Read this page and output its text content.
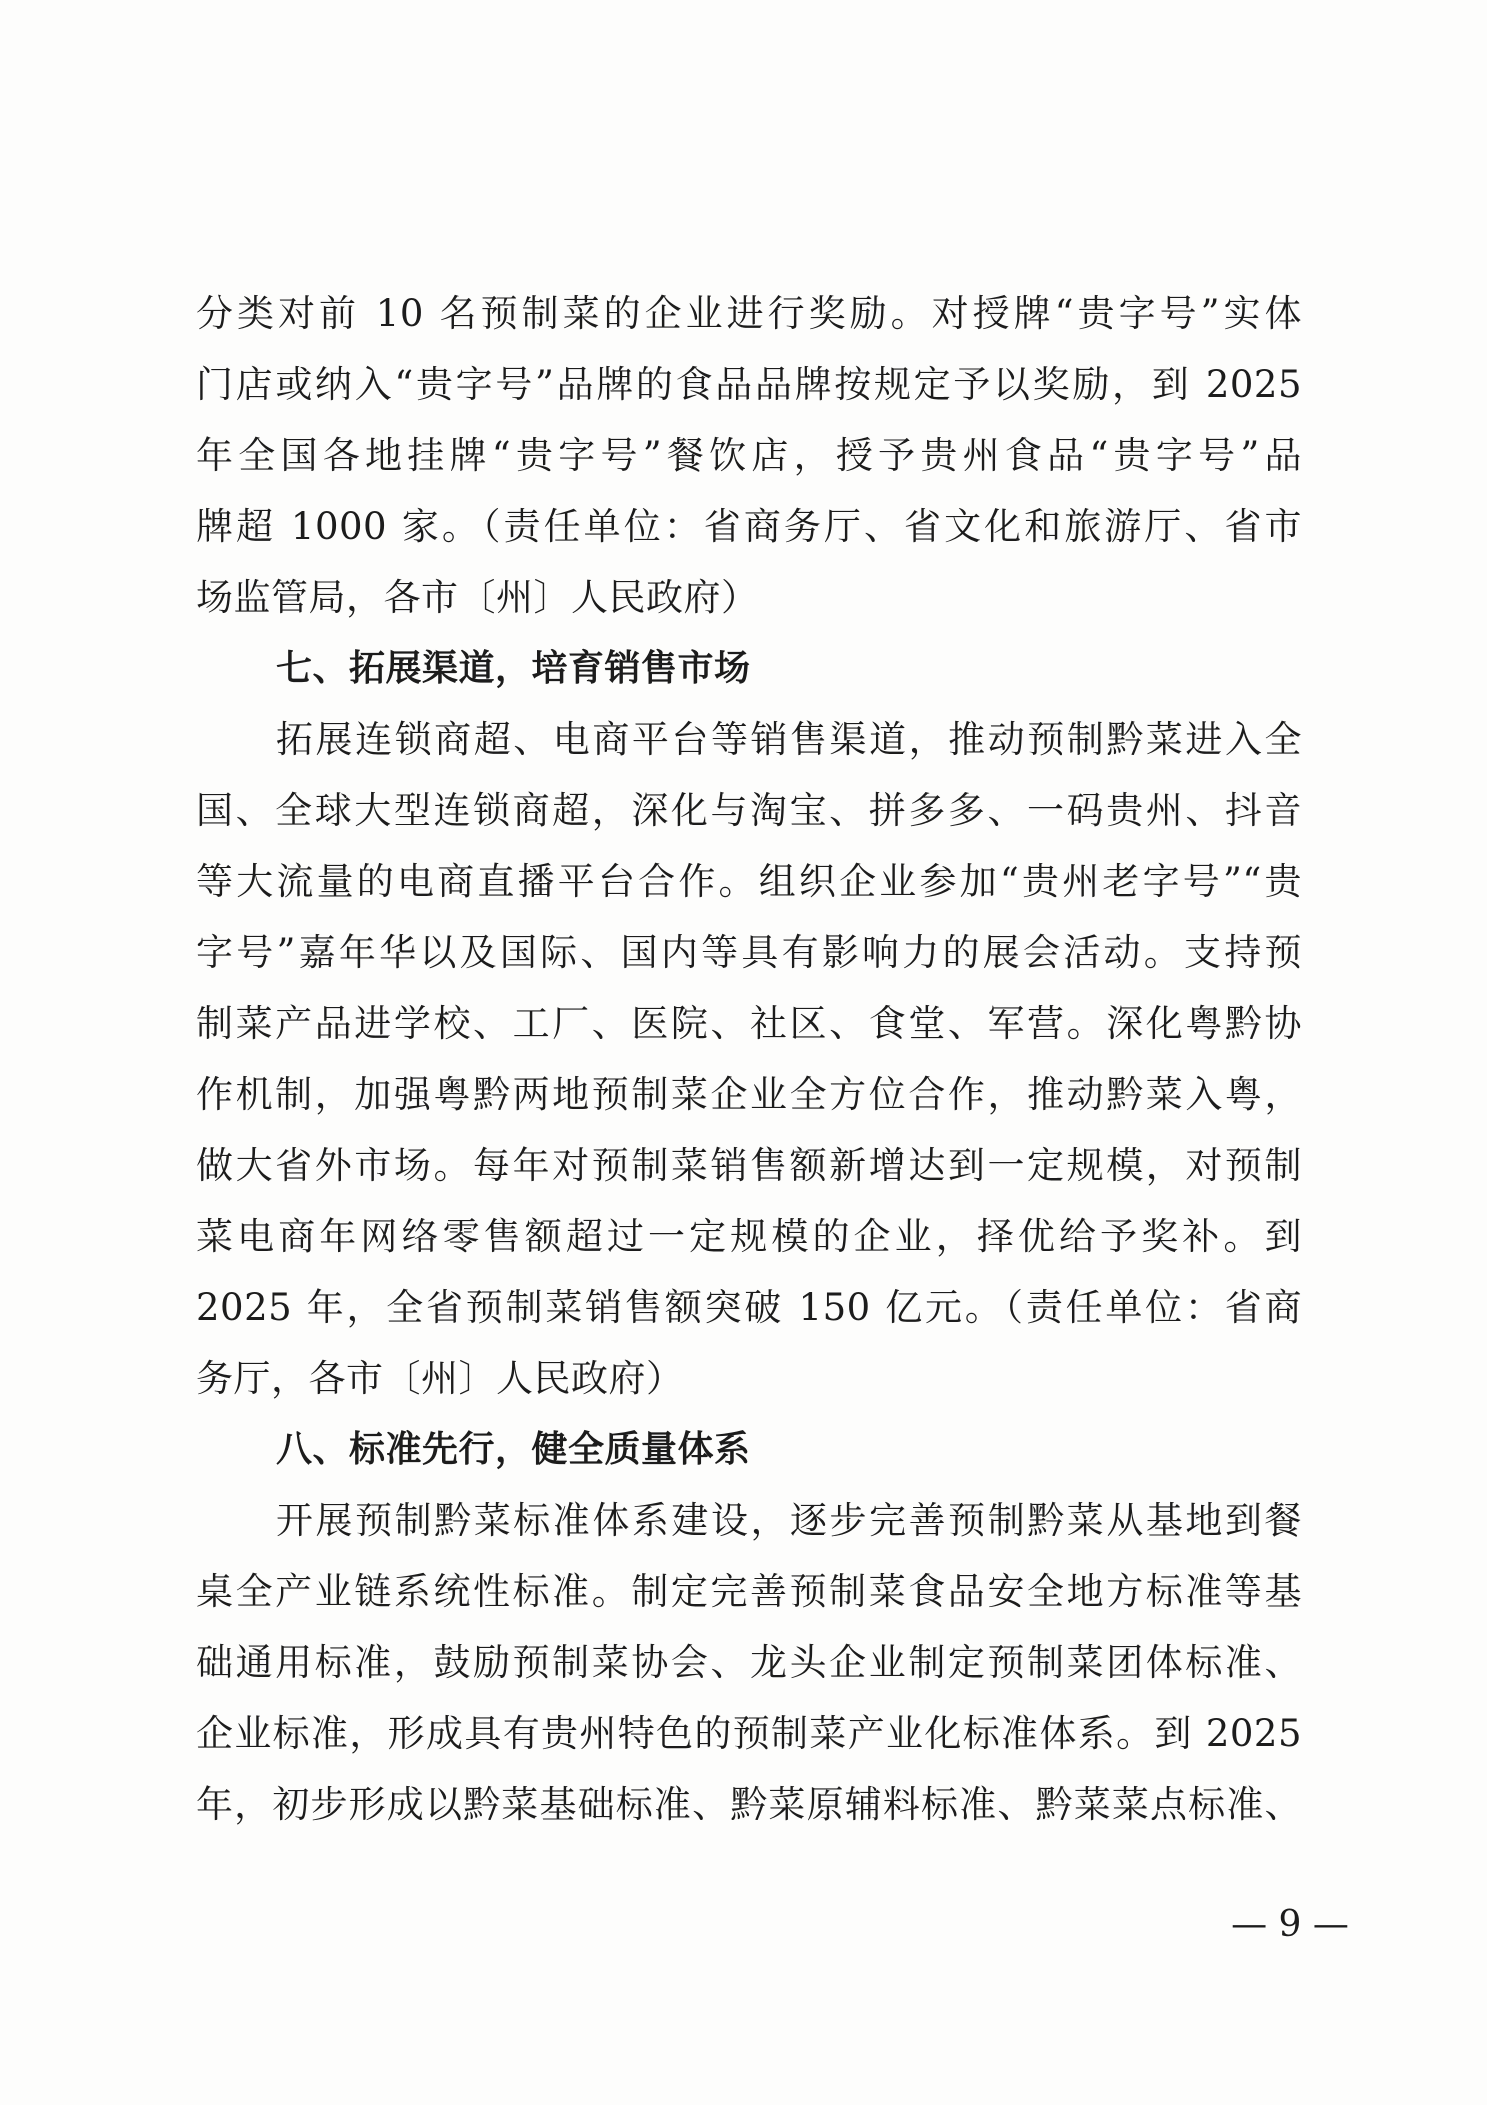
分类对前 10 名预制菜的企业进行奖励。对授牌“贵字号”实体
门店或纳入“贵字号”品牌的食品品牌按规定予以奖励，到 2025
年全国各地挂牌“贵字号”餐饮店，授予贵州食品“贵字号”品
牌超 1000 家。（责任单位：省商务厅、省文化和旅游厅、省市
场监管局，各市〔州〕人民政府）
七、拓展渠道，培育销售市场
拓展连锁商超、电商平台等销售渠道，推动预制黔菜进入全
国、全球大型连锁商超，深化与淘宝、拼多多、一码贵州、抖音
等大流量的电商直播平台合作。组织企业参加“贵州老字号”“贵
字号”嘉年华以及国际、国内等具有影响力的展会活动。支持预
制菜产品进学校、工厂、医院、社区、食堂、军营。深化粤黔协
作机制，加强粤黔两地预制菜企业全方位合作，推动黔菜入粤，
做大省外市场。每年对预制菜销售额新增达到一定规模，对预制
菜电商年网络零售额超过一定规模的企业，择优给予奖补。到
2025 年，全省预制菜销售额突破 150 亿元。（责任单位：省商
务厅，各市〔州〕人民政府）
八、标准先行，健全质量体系
开展预制黔菜标准体系建设，逐步完善预制黔菜从基地到餐
桌全产业链系统性标准。制定完善预制菜食品安全地方标准等基
础通用标准，鼓励预制菜协会、龙头企业制定预制菜团体标准、
企业标准，形成具有贵州特色的预制菜产业化标准体系。到 2025
年，初步形成以黔菜基础标准、黔菜原辅料标准、黔菜菜点标准、
— 9 —
